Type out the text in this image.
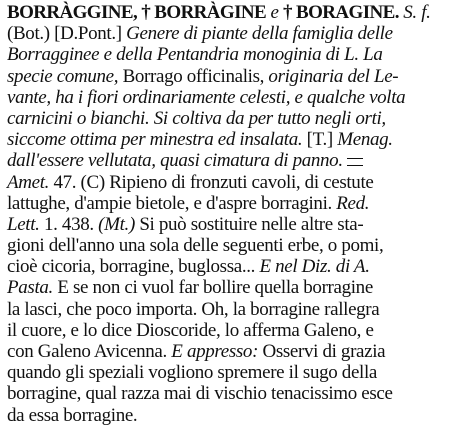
BORRÀGGINE, † BORRÀGINE e † BORAGINE. S. f.
(Bot.) [D.Pont.] Genere di piante della famiglia delle
Borragginee e della Pentandria monoginia di L. La
specie comune, Borrago officinalis, originaria del Le-
vante, ha i fiori ordinariamente celesti, e qualche volta
carnicini o bianchi. Si coltiva da per tutto negli orti,
siccome ottima per minestra ed insalata. [T.] Menag.
dall'essere vellutata, quasi cimatura di panno.
Amet. 47. (C) Ripieno di fronzuti cavoli, di cestute
lattughe, d'ampie bietole, e d'aspre borragini. Red.
Lett. 1. 438. (Mt.) Si può sostituire nelle altre sta-
gioni dell'anno una sola delle seguenti erbe, o pomi,
cioè cicoria, borragine, buglossa... E nel Diz. di A.
Pasta. E se non ci vuol far bollire quella borragine
la lasci, che poco importa. Oh, la borragine rallegra
il cuore, e lo dice Dioscoride, lo afferma Galeno, e
con Galeno Avicenna. E appresso: Osservi di grazia
quando gli speziali vogliono spremere il sugo della
borragine, qual razza mai di vischio tenacissimo esce
da essa borragine.
